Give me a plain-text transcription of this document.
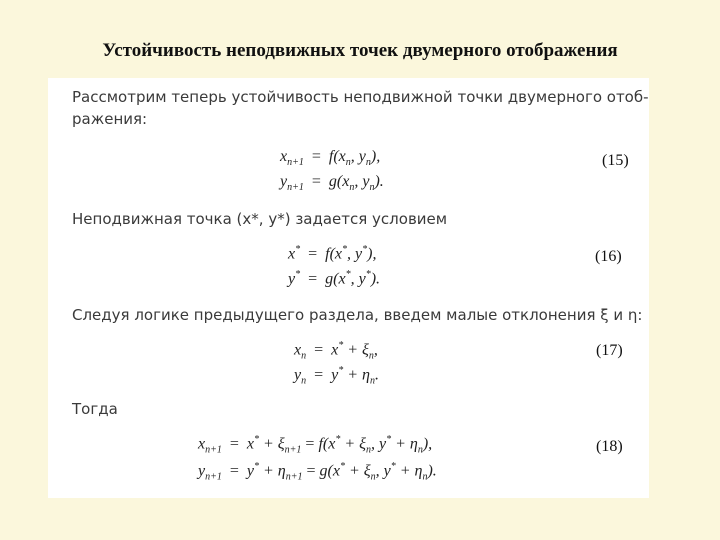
Устойчивость неподвижных точек двумерного отображения
Рассмотрим теперь устойчивость неподвижной точки двумерного отоб-
ражения:
$x_{n+1} = f(x_n$, $y_n$),
$y_{n+1} = g(x_n$, $y_n$).
(15)
Неподвижная точка (x*, y*) задается условием
x*  =  f(x*, y*),
y*  =  g(x*, y*).
(16)
Следуя логике предыдущего раздела, введем малые отклонения ξ и η:
$x_n = x^* + \xi_n$,
$y_n = y^* + \eta_n$.
(17)
Тогда
$x_{n+1} = x^* + \xi_{n+1} = f(x^* + \xi_n$, $y^* + \eta_n$),
$y_{n+1} = y^* + \eta_{n+1} = g(x^* + \xi_n$, $y^* + \eta_n$).
(18)
